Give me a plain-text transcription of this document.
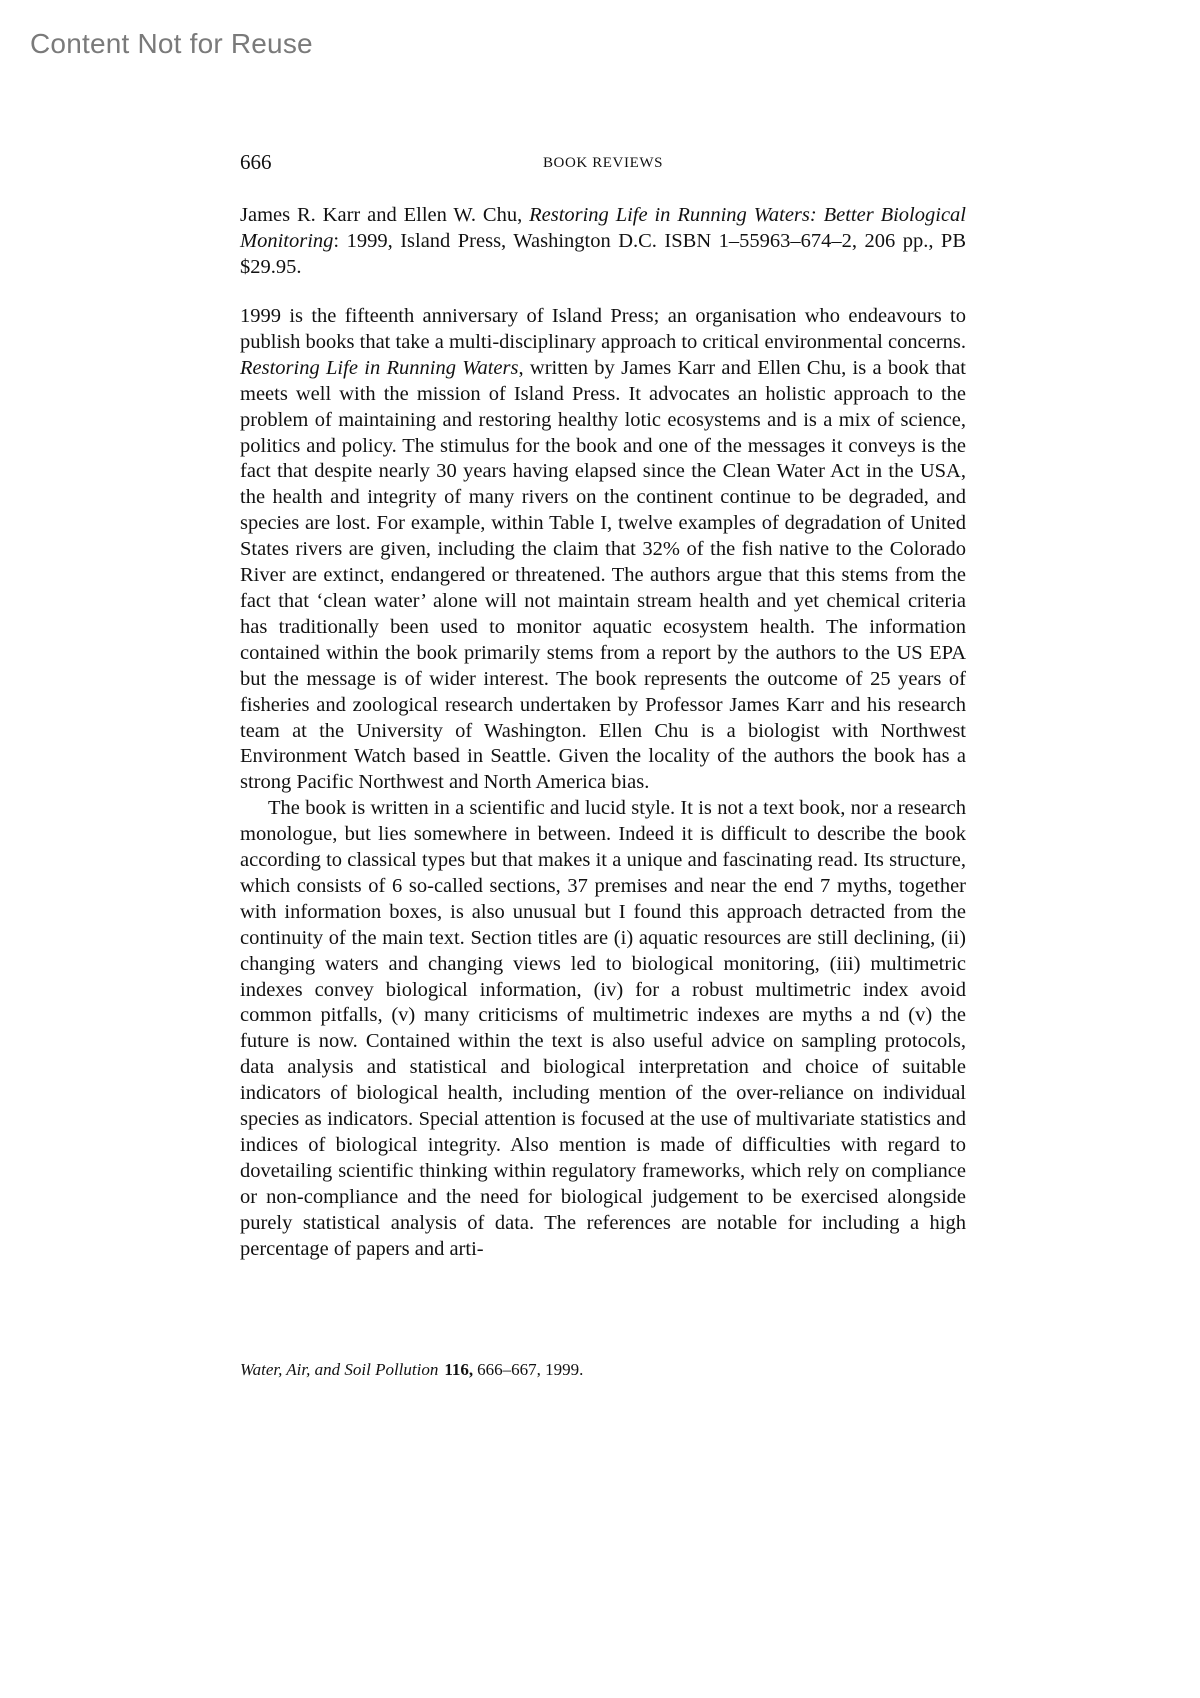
Content Not for Reuse
666	BOOK REVIEWS

James R. Karr and Ellen W. Chu, Restoring Life in Running Waters: Better Biological Monitoring: 1999, Island Press, Washington D.C. ISBN 1–55963–674–2, 206 pp., PB $29.95.

1999 is the fifteenth anniversary of Island Press; an organisation who endeavours to publish books that take a multi-disciplinary approach to critical environmental concerns. Restoring Life in Running Waters, written by James Karr and Ellen Chu, is a book that meets well with the mission of Island Press. It advocates an holistic approach to the problem of maintaining and restoring healthy lotic ecosystems and is a mix of science, politics and policy. The stimulus for the book and one of the messages it conveys is the fact that despite nearly 30 years having elapsed since the Clean Water Act in the USA, the health and integrity of many rivers on the continent continue to be degraded, and species are lost. For example, within Table I, twelve examples of degradation of United States rivers are given, including the claim that 32% of the fish native to the Colorado River are extinct, endangered or threatened. The authors argue that this stems from the fact that ‘clean water’ alone will not maintain stream health and yet chemical criteria has traditionally been used to monitor aquatic ecosystem health. The information contained within the book primarily stems from a report by the authors to the US EPA but the message is of wider interest. The book represents the outcome of 25 years of fisheries and zoological research undertaken by Professor James Karr and his research team at the University of Washington. Ellen Chu is a biologist with Northwest Environment Watch based in Seattle. Given the locality of the authors the book has a strong Pacific Northwest and North America bias.

The book is written in a scientific and lucid style. It is not a text book, nor a research monologue, but lies somewhere in between. Indeed it is difficult to describe the book according to classical types but that makes it a unique and fascinating read. Its structure, which consists of 6 so-called sections, 37 premises and near the end 7 myths, together with information boxes, is also unusual but I found this approach detracted from the continuity of the main text. Section titles are (i) aquatic resources are still declining, (ii) changing waters and changing views led to biological monitoring, (iii) multimetric indexes convey biological information, (iv) for a robust multimetric index avoid common pitfalls, (v) many criticisms of multimetric indexes are myths a nd (v) the future is now. Contained within the text is also useful advice on sampling protocols, data analysis and statistical and biological interpretation and choice of suitable indicators of biological health, including mention of the over-reliance on individual species as indicators. Special attention is focused at the use of multivariate statistics and indices of biological integrity. Also mention is made of difficulties with regard to dovetailing scientific thinking within regulatory frameworks, which rely on compliance or non-compliance and the need for biological judgement to be exercised alongside purely statistical analysis of data. The references are notable for including a high percentage of papers and arti-

Water, Air, and Soil Pollution 116, 666–667, 1999.
